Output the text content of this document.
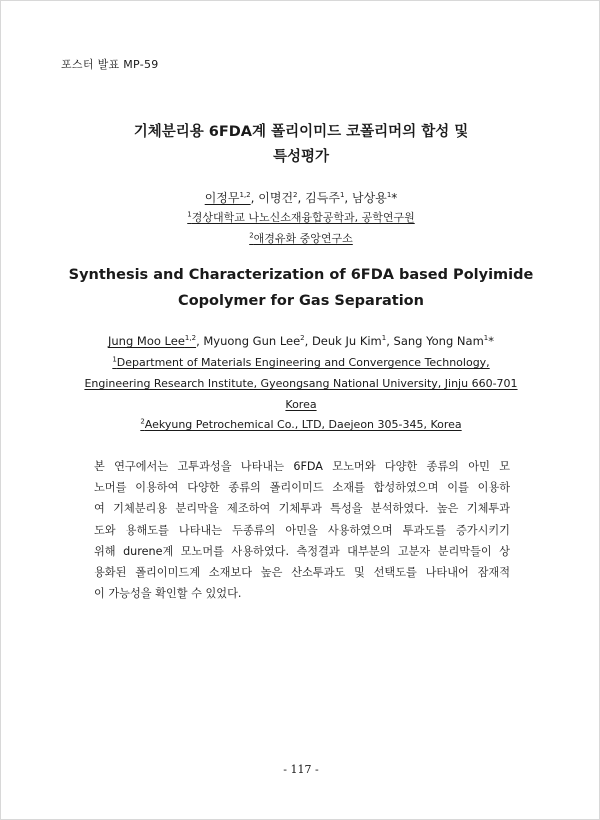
포스터 발표 MP-59
기체분리용 6FDA계 폴리이미드 코폴리머의 합성 및
특성평가
이정무$^{1,2}$, 이명건$^2$, 김득주$^1$, 남상용$^1$*
$^1$경상대학교 나노신소재융합공학과, 공학연구원
$^2$애경유화 중앙연구소
Synthesis and Characterization of 6FDA based Polyimide
Copolymer for Gas Separation
Jung Moo Lee$^{1,2}$, Myuong Gun Lee$^2$, Deuk Ju Kim$^1$, Sang Yong Nam$^1$*
$^1$Department of Materials Engineering and Convergence Technology,
Engineering Research Institute, Gyeongsang National University, Jinju 660-701
Korea
$^2$Aekyung Petrochemical Co., LTD, Daejeon 305-345, Korea
본 연구에서는 고투과성을 나타내는 6FDA 모노머와 다양한 종류의 아민 모
노머를 이용하여 다양한 종류의 폴리이미드 소재를 합성하였으며 이를 이용하
여 기체분리용 분리막을 제조하여 기체투과 특성을 분석하였다. 높은 기체투과
도와 용해도를 나타내는 두종류의 아민을 사용하였으며 투과도를 증가시키기
위해 durene계 모노머를 사용하였다. 측정결과 대부분의 고분자 분리막들이 상
용화된 폴리이미드계 소재보다 높은 산소투과도 및 선택도를 나타내어 잠재적
이 가능성을 확인할 수 있었다.
- 117 -
